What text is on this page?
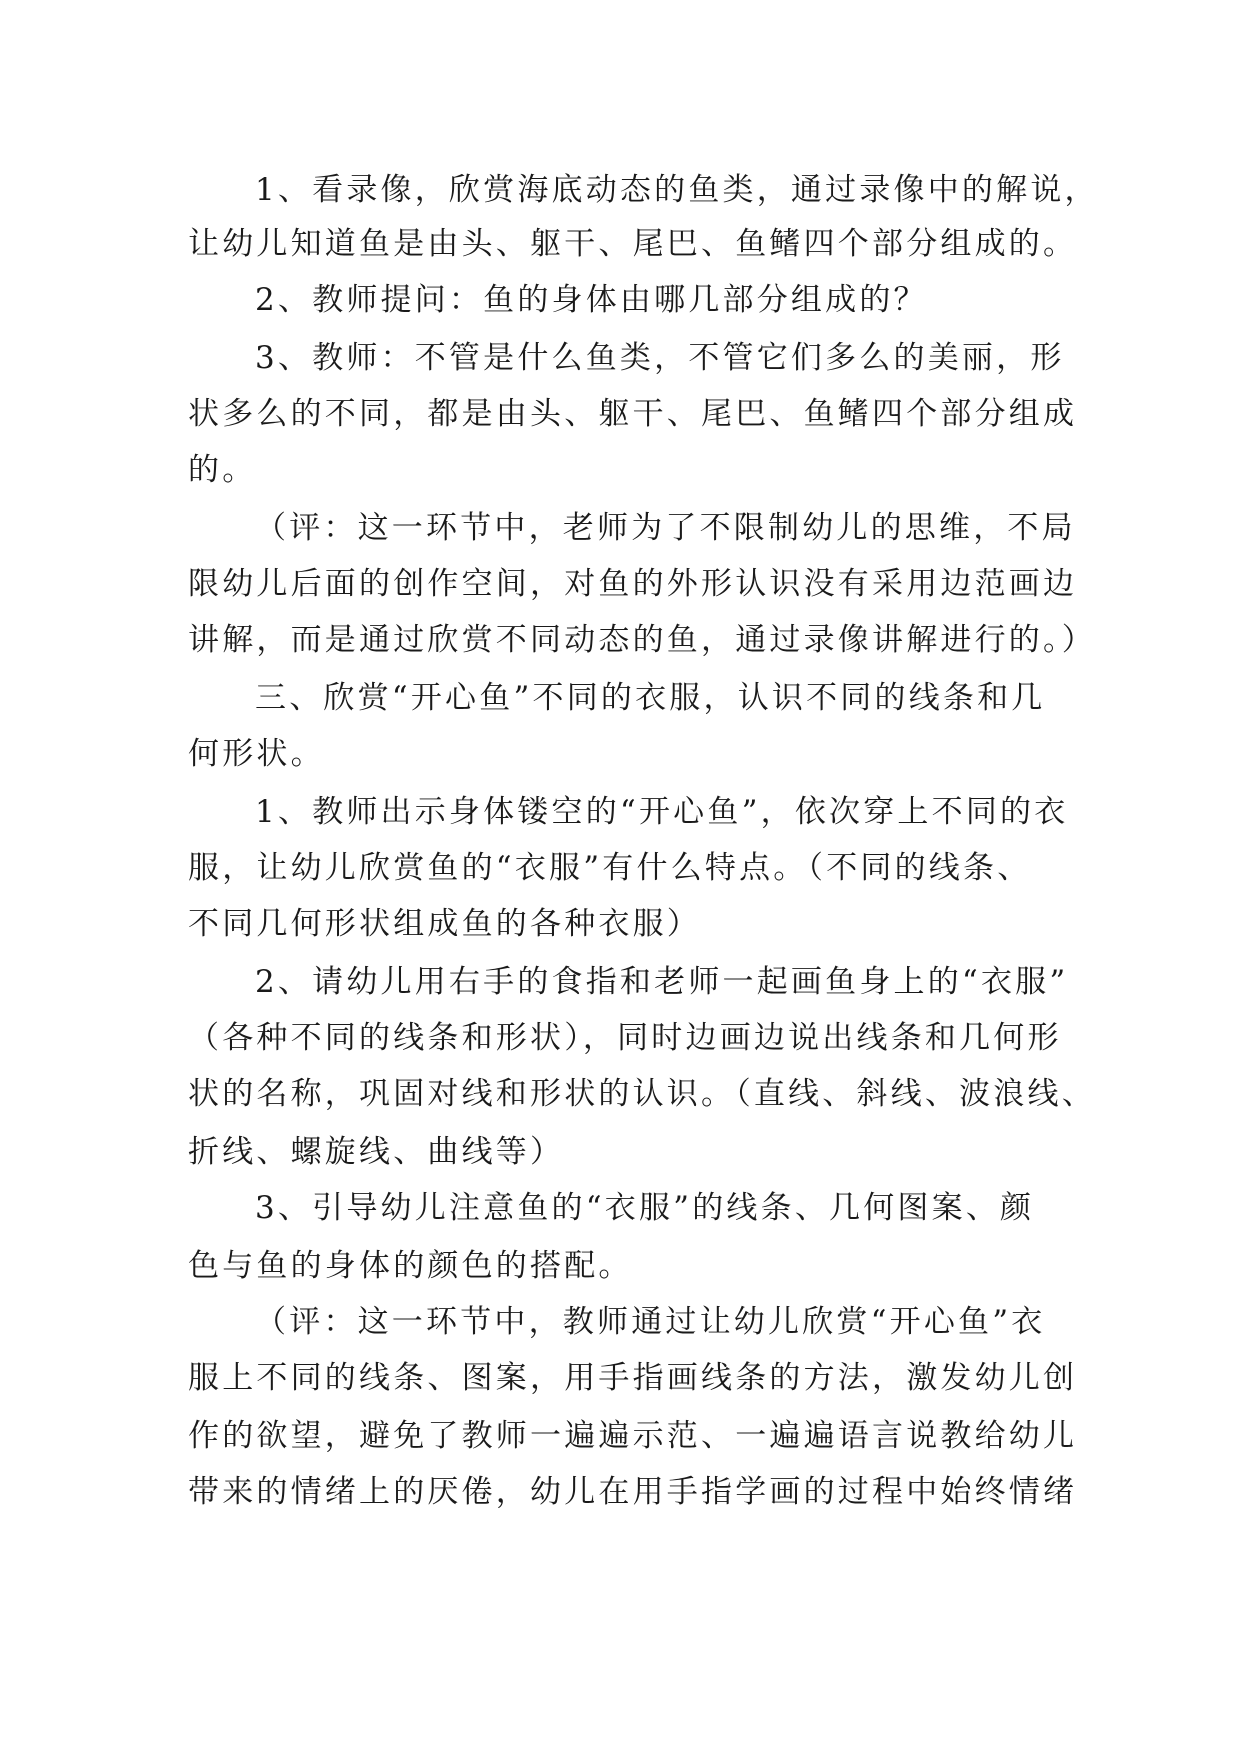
1、看录像，欣赏海底动态的鱼类，通过录像中的解说，
让幼儿知道鱼是由头、躯干、尾巴、鱼鳍四个部分组成的。
2、教师提问：鱼的身体由哪几部分组成的？
3、教师：不管是什么鱼类，不管它们多么的美丽，形
状多么的不同，都是由头、躯干、尾巴、鱼鳍四个部分组成
的。
（评：这一环节中，老师为了不限制幼儿的思维，不局
限幼儿后面的创作空间，对鱼的外形认识没有采用边范画边
讲解，而是通过欣赏不同动态的鱼，通过录像讲解进行的。）
三、欣赏“开心鱼”不同的衣服，认识不同的线条和几
何形状。
1、教师出示身体镂空的“开心鱼”，依次穿上不同的衣
服，让幼儿欣赏鱼的“衣服”有什么特点。（不同的线条、
不同几何形状组成鱼的各种衣服）
2、请幼儿用右手的食指和老师一起画鱼身上的“衣服”
（各种不同的线条和形状），同时边画边说出线条和几何形
状的名称，巩固对线和形状的认识。（直线、斜线、波浪线、
折线、螺旋线、曲线等）
3、引导幼儿注意鱼的“衣服”的线条、几何图案、颜
色与鱼的身体的颜色的搭配。
（评：这一环节中，教师通过让幼儿欣赏“开心鱼”衣
服上不同的线条、图案，用手指画线条的方法，激发幼儿创
作的欲望，避免了教师一遍遍示范、一遍遍语言说教给幼儿
带来的情绪上的厌倦，幼儿在用手指学画的过程中始终情绪
